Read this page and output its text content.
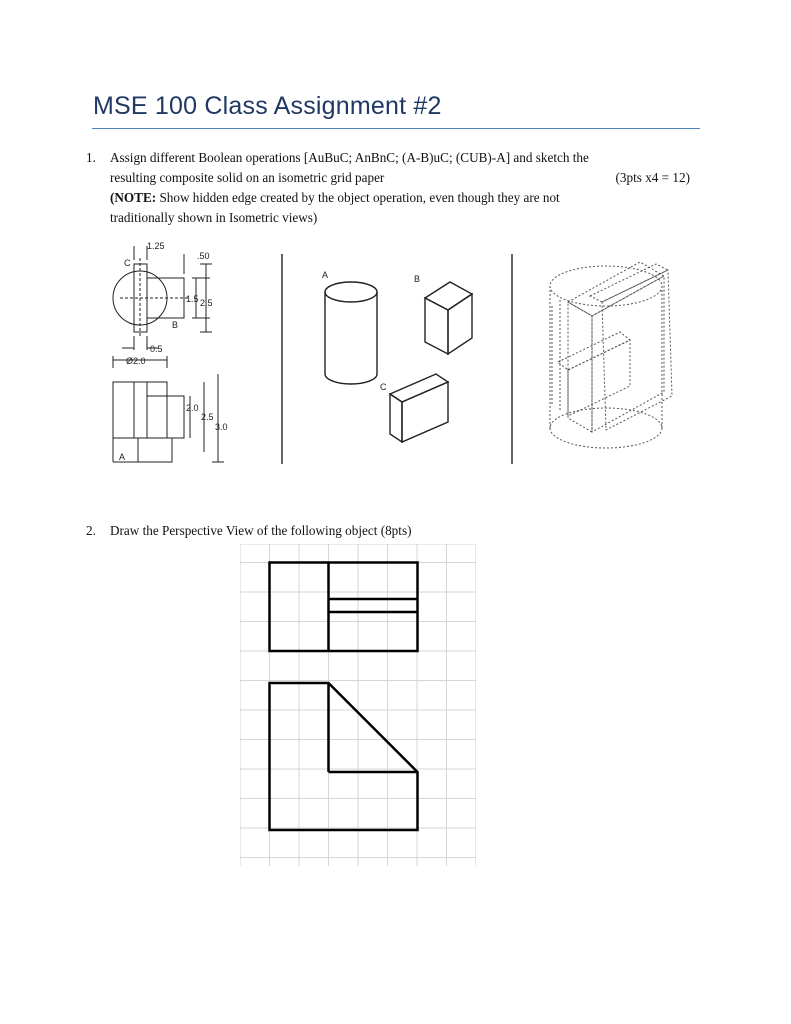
MSE 100 Class Assignment #2
1.	Assign different Boolean operations [AuBuC; AnBnC; (A-B)uC; (CUB)-A] and sketch the
resulting composite solid on an isometric grid paper	(3pts x4 = 12)
(NOTE: Show hidden edge created by the object operation, even though they are not
traditionally shown in Isometric views)
1.25
.50
C
1.5 2.5
B
0.5
Ø2.0
2.0
2.5
3.0
A
A	B
C
2.	Draw the Perspective View of the following object (8pts)
